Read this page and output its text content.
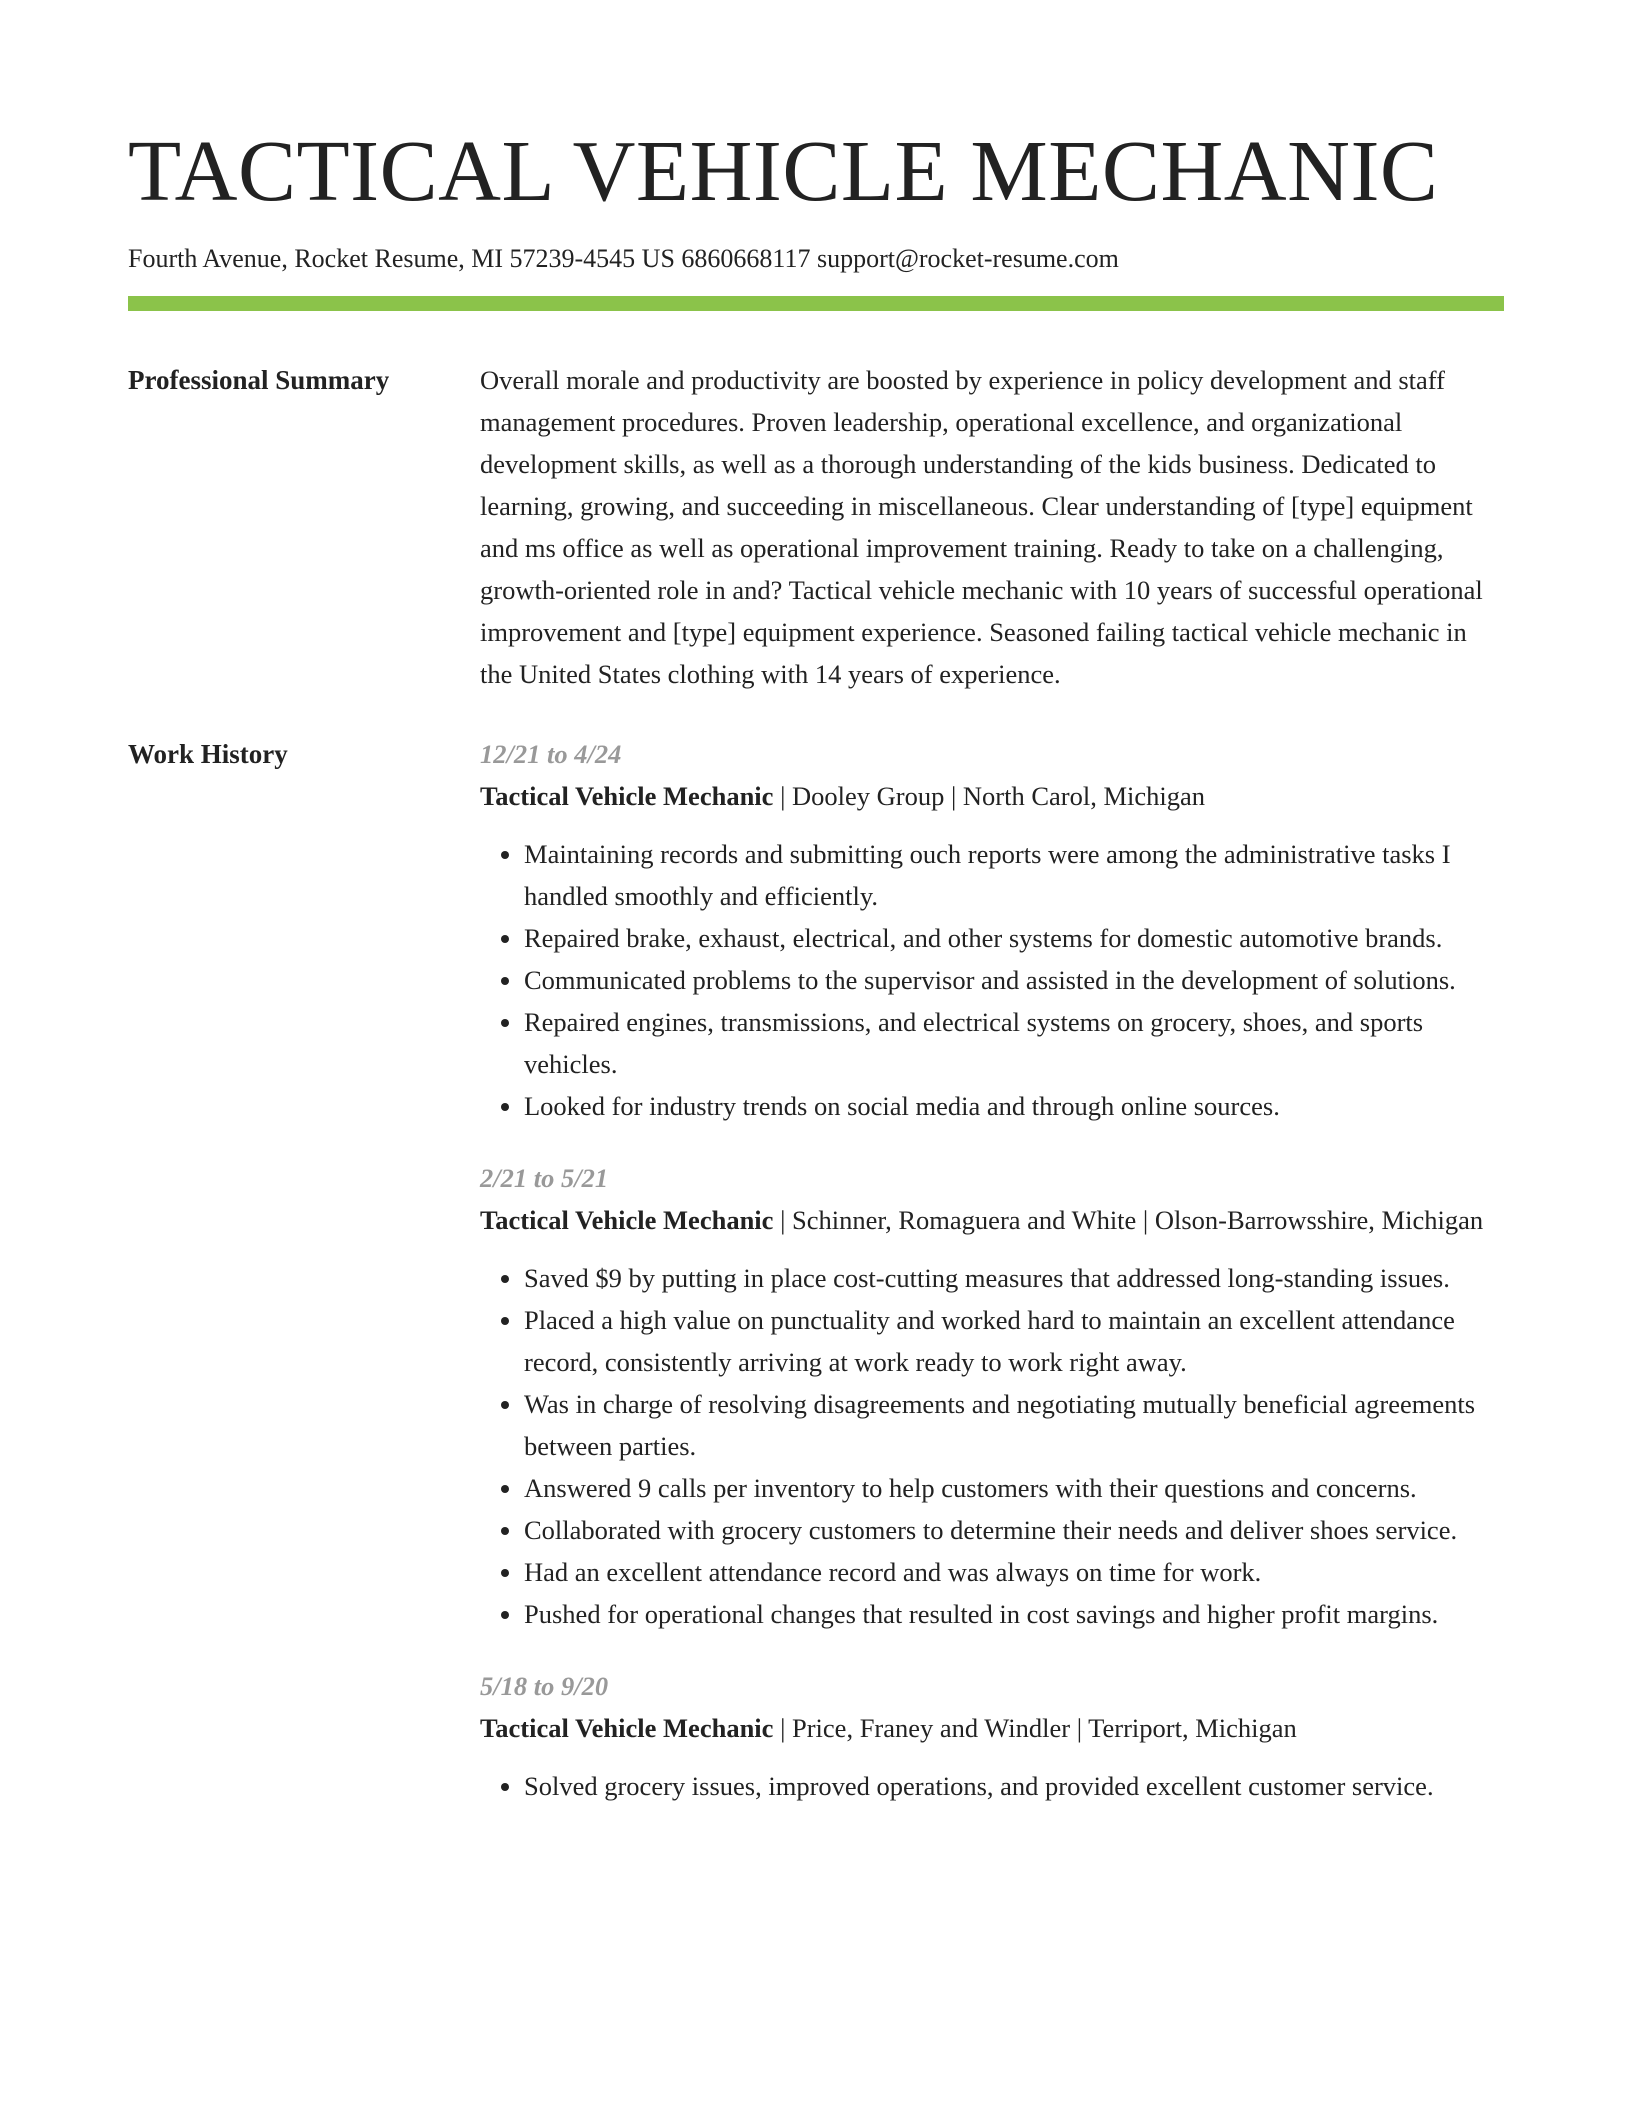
TACTICAL VEHICLE MECHANIC
Fourth Avenue, Rocket Resume, MI 57239-4545 US 6860668117 support@rocket-resume.com
Professional Summary	Overall morale and productivity are boosted by experience in policy development and staff management procedures. Proven leadership, operational excellence, and organizational development skills, as well as a thorough understanding of the kids business. Dedicated to learning, growing, and succeeding in miscellaneous. Clear understanding of [type] equipment and ms office as well as operational improvement training. Ready to take on a challenging, growth-oriented role in and? Tactical vehicle mechanic with 10 years of successful operational improvement and [type] equipment experience. Seasoned failing tactical vehicle mechanic in the United States clothing with 14 years of experience.

Work History	12/21 to 4/24
Tactical Vehicle Mechanic | Dooley Group | North Carol, Michigan
• Maintaining records and submitting ouch reports were among the administrative tasks I handled smoothly and efficiently.
• Repaired brake, exhaust, electrical, and other systems for domestic automotive brands.
• Communicated problems to the supervisor and assisted in the development of solutions.
• Repaired engines, transmissions, and electrical systems on grocery, shoes, and sports vehicles.
• Looked for industry trends on social media and through online sources.
2/21 to 5/21
Tactical Vehicle Mechanic | Schinner, Romaguera and White | Olson-Barrowsshire, Michigan
• Saved $9 by putting in place cost-cutting measures that addressed long-standing issues.
• Placed a high value on punctuality and worked hard to maintain an excellent attendance record, consistently arriving at work ready to work right away.
• Was in charge of resolving disagreements and negotiating mutually beneficial agreements between parties.
• Answered 9 calls per inventory to help customers with their questions and concerns.
• Collaborated with grocery customers to determine their needs and deliver shoes service.
• Had an excellent attendance record and was always on time for work.
• Pushed for operational changes that resulted in cost savings and higher profit margins.
5/18 to 9/20
Tactical Vehicle Mechanic | Price, Franey and Windler | Terriport, Michigan
• Solved grocery issues, improved operations, and provided excellent customer service.
